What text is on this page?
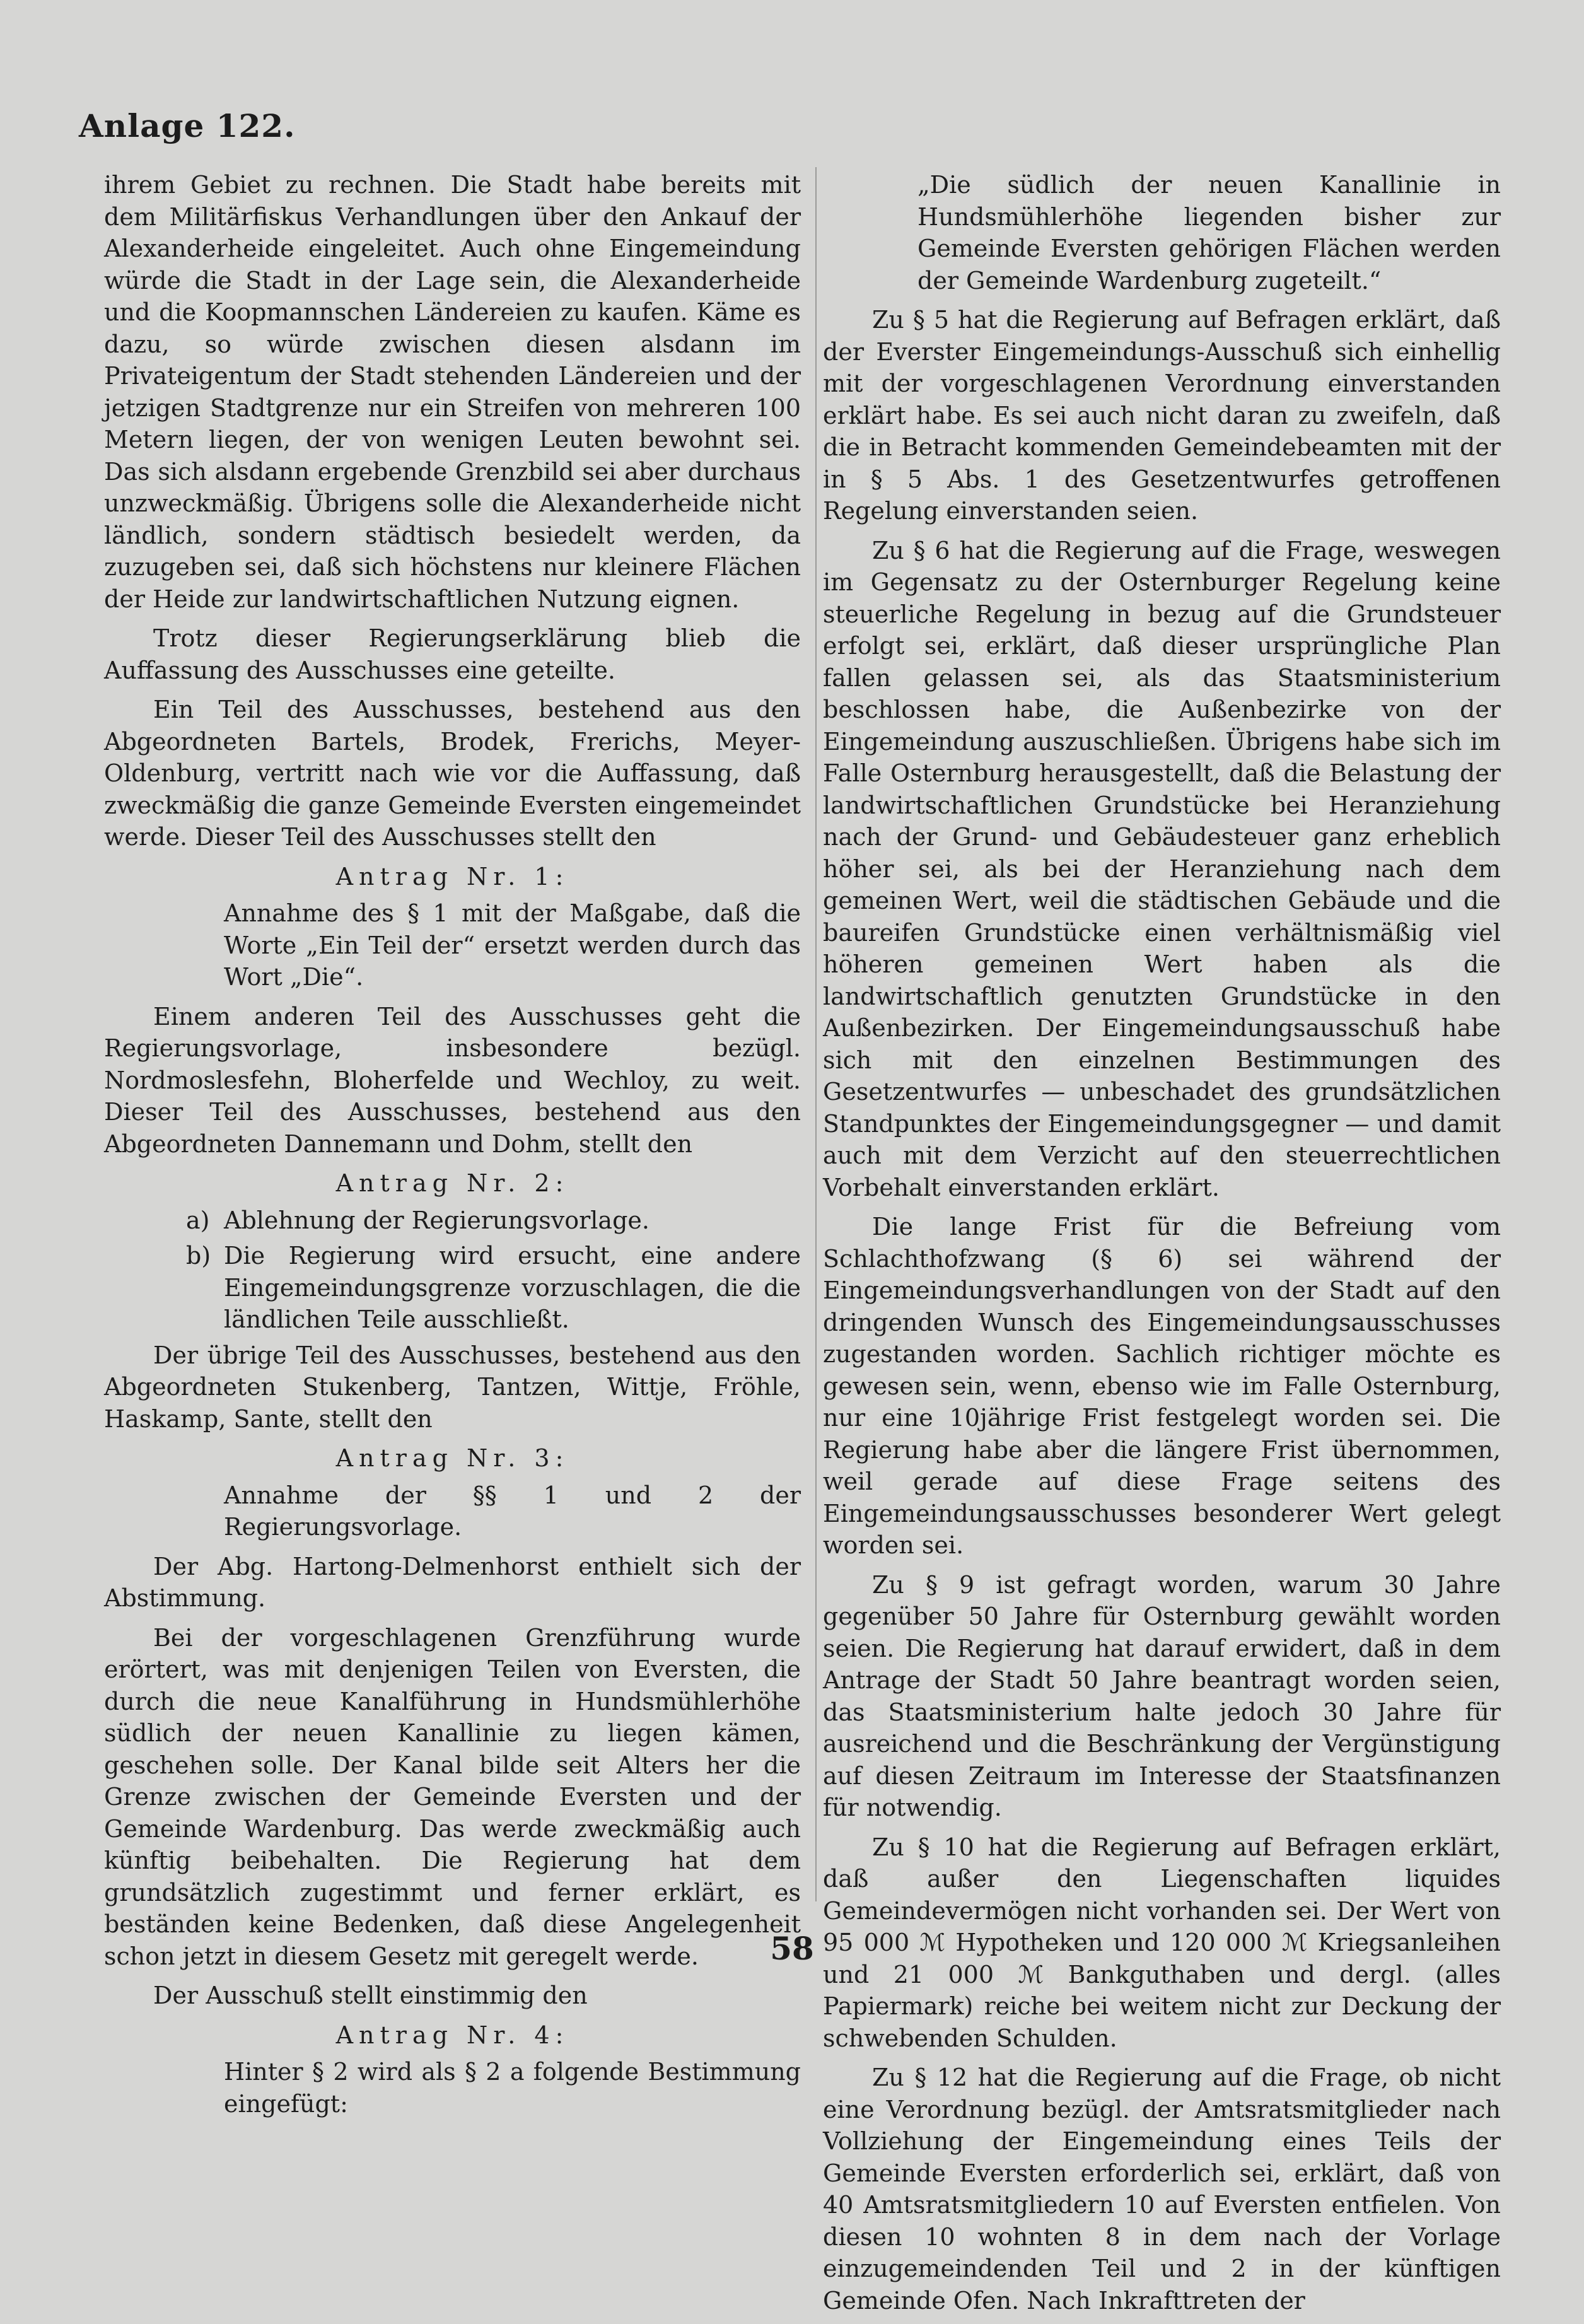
Anlage 122.

ihrem Gebiet zu rechnen. Die Stadt habe bereits mit dem Militärfiskus Verhandlungen über den Ankauf der Alexanderheide eingeleitet. Auch ohne Eingemeindung würde die Stadt in der Lage sein, die Alexanderheide und die Koopmannschen Ländereien zu kaufen. Käme es dazu, so würde zwischen diesen alsdann im Privateigentum der Stadt stehenden Ländereien und der jetzigen Stadtgrenze nur ein Streifen von mehreren 100 Metern liegen, der von wenigen Leuten bewohnt sei. Das sich alsdann ergebende Grenzbild sei aber durchaus unzweckmäßig. Übrigens solle die Alexanderheide nicht ländlich, sondern städtisch besiedelt werden, da zuzugeben sei, daß sich höchstens nur kleinere Flächen der Heide zur landwirtschaftlichen Nutzung eignen.

Trotz dieser Regierungserklärung blieb die Auffassung des Ausschusses eine geteilte.

Ein Teil des Ausschusses, bestehend aus den Abgeordneten Bartels, Brodek, Frerichs, Meyer-Oldenburg, vertritt nach wie vor die Auffassung, daß zweckmäßig die ganze Gemeinde Eversten eingemeindet werde. Dieser Teil des Ausschusses stellt den

Antrag Nr. 1:

Annahme des § 1 mit der Maßgabe, daß die Worte „Ein Teil der“ ersetzt werden durch das Wort „Die“.

Einem anderen Teil des Ausschusses geht die Regierungsvorlage, insbesondere bezügl. Nordmoslesfehn, Bloherfelde und Wechloy, zu weit. Dieser Teil des Ausschusses, bestehend aus den Abgeordneten Dannemann und Dohm, stellt den

Antrag Nr. 2:
a) Ablehnung der Regierungsvorlage.
b) Die Regierung wird ersucht, eine andere Eingemeindungsgrenze vorzuschlagen, die die ländlichen Teile ausschließt.

Der übrige Teil des Ausschusses, bestehend aus den Abgeordneten Stukenberg, Tantzen, Wittje, Fröhle, Haskamp, Sante, stellt den

Antrag Nr. 3:

Annahme der §§ 1 und 2 der Regierungsvorlage.

Der Abg. Hartong-Delmenhorst enthielt sich der Abstimmung.

Bei der vorgeschlagenen Grenzführung wurde erörtert, was mit denjenigen Teilen von Eversten, die durch die neue Kanalführung in Hundsmühlerhöhe südlich der neuen Kanallinie zu liegen kämen, geschehen solle. Der Kanal bilde seit Alters her die Grenze zwischen der Gemeinde Eversten und der Gemeinde Wardenburg. Das werde zweckmäßig auch künftig beibehalten. Die Regierung hat dem grundsätzlich zugestimmt und ferner erklärt, es beständen keine Bedenken, daß diese Angelegenheit schon jetzt in diesem Gesetz mit geregelt werde.

Der Ausschuß stellt einstimmig den

Antrag Nr. 4:

Hinter § 2 wird als § 2 a folgende Bestimmung eingefügt:

„Die südlich der neuen Kanallinie in Hundsmühlerhöhe liegenden bisher zur Gemeinde Eversten gehörigen Flächen werden der Gemeinde Wardenburg zugeteilt.“

Zu § 5 hat die Regierung auf Befragen erklärt, daß der Everster Eingemeindungs-Ausschuß sich einhellig mit der vorgeschlagenen Verordnung einverstanden erklärt habe. Es sei auch nicht daran zu zweifeln, daß die in Betracht kommenden Gemeindebeamten mit der in § 5 Abs. 1 des Gesetzentwurfes getroffenen Regelung einverstanden seien.

Zu § 6 hat die Regierung auf die Frage, weswegen im Gegensatz zu der Osternburger Regelung keine steuerliche Regelung in bezug auf die Grundsteuer erfolgt sei, erklärt, daß dieser ursprüngliche Plan fallen gelassen sei, als das Staatsministerium beschlossen habe, die Außenbezirke von der Eingemeindung auszuschließen. Übrigens habe sich im Falle Osternburg herausgestellt, daß die Belastung der landwirtschaftlichen Grundstücke bei Heranziehung nach der Grund- und Gebäudesteuer ganz erheblich höher sei, als bei der Heranziehung nach dem gemeinen Wert, weil die städtischen Gebäude und die baureifen Grundstücke einen verhältnismäßig viel höheren gemeinen Wert haben als die landwirtschaftlich genutzten Grundstücke in den Außenbezirken. Der Eingemeindungsausschuß habe sich mit den einzelnen Bestimmungen des Gesetzentwurfes — unbeschadet des grundsätzlichen Standpunktes der Eingemeindungsgegner — und damit auch mit dem Verzicht auf den steuerrechtlichen Vorbehalt einverstanden erklärt.

Die lange Frist für die Befreiung vom Schlachthofzwang (§ 6) sei während der Eingemeindungsverhandlungen von der Stadt auf den dringenden Wunsch des Eingemeindungsausschusses zugestanden worden. Sachlich richtiger möchte es gewesen sein, wenn, ebenso wie im Falle Osternburg, nur eine 10jährige Frist festgelegt worden sei. Die Regierung habe aber die längere Frist übernommen, weil gerade auf diese Frage seitens des Eingemeindungsausschusses besonderer Wert gelegt worden sei.

Zu § 9 ist gefragt worden, warum 30 Jahre gegenüber 50 Jahre für Osternburg gewählt worden seien. Die Regierung hat darauf erwidert, daß in dem Antrage der Stadt 50 Jahre beantragt worden seien, das Staatsministerium halte jedoch 30 Jahre für ausreichend und die Beschränkung der Vergünstigung auf diesen Zeitraum im Interesse der Staatsfinanzen für notwendig.

Zu § 10 hat die Regierung auf Befragen erklärt, daß außer den Liegenschaften liquides Gemeindevermögen nicht vorhanden sei. Der Wert von 95 000 ℳ Hypotheken und 120 000 ℳ Kriegsanleihen und 21 000 ℳ Bankguthaben und dergl. (alles Papiermark) reiche bei weitem nicht zur Deckung der schwebenden Schulden.

Zu § 12 hat die Regierung auf die Frage, ob nicht eine Verordnung bezügl. der Amtsratsmitglieder nach Vollziehung der Eingemeindung eines Teils der Gemeinde Eversten erforderlich sei, erklärt, daß von 40 Amtsratsmitgliedern 10 auf Eversten entfielen. Von diesen 10 wohnten 8 in dem nach der Vorlage einzugemeindenden Teil und 2 in der künftigen Gemeinde Ofen. Nach Inkrafttreten der

58
